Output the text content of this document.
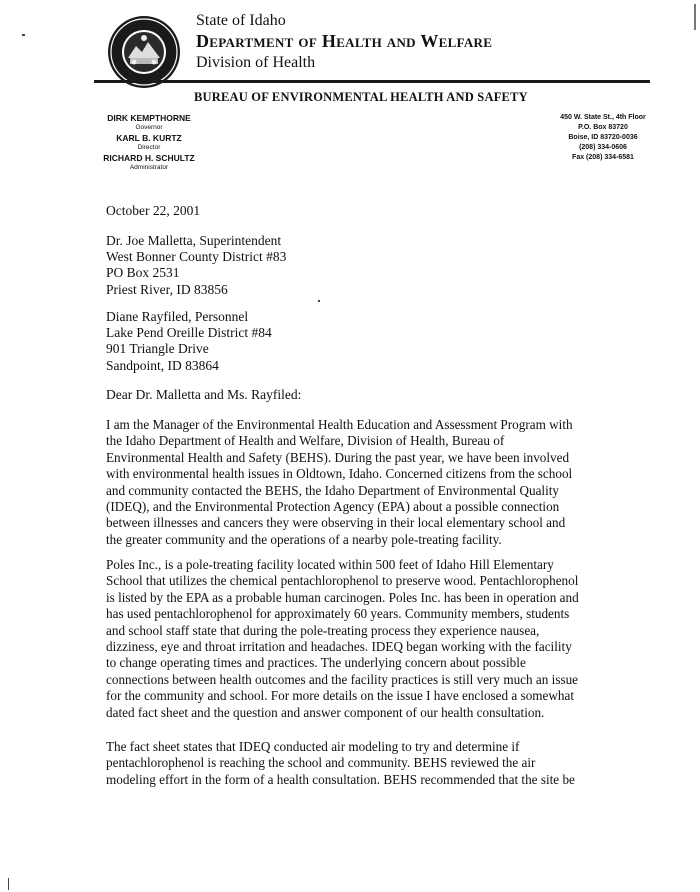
State of Idaho
Department of Health and Welfare
Division of Health
BUREAU OF ENVIRONMENTAL HEALTH AND SAFETY
DIRK KEMPTHORNE
Governor
KARL B. KURTZ
Director
RICHARD H. SCHULTZ
Administrator
450 W. State St., 4th Floor
P.O. Box 83720
Boise, ID 83720-0036
(208) 334-0606
Fax (208) 334-6581
October 22, 2001
Dr. Joe Malletta, Superintendent
West Bonner County District #83
PO Box 2531
Priest River, ID 83856
Diane Rayfiled, Personnel
Lake Pend Oreille District #84
901 Triangle Drive
Sandpoint, ID 83864
Dear Dr. Malletta and Ms. Rayfiled:
I am the Manager of the Environmental Health Education and Assessment Program with the Idaho Department of Health and Welfare, Division of Health, Bureau of Environmental Health and Safety (BEHS). During the past year, we have been involved with environmental health issues in Oldtown, Idaho. Concerned citizens from the school and community contacted the BEHS, the Idaho Department of Environmental Quality (IDEQ), and the Environmental Protection Agency (EPA) about a possible connection between illnesses and cancers they were observing in their local elementary school and the greater community and the operations of a nearby pole-treating facility.
Poles Inc., is a pole-treating facility located within 500 feet of Idaho Hill Elementary School that utilizes the chemical pentachlorophenol to preserve wood. Pentachlorophenol is listed by the EPA as a probable human carcinogen. Poles Inc. has been in operation and has used pentachlorophenol for approximately 60 years. Community members, students and school staff state that during the pole-treating process they experience nausea, dizziness, eye and throat irritation and headaches. IDEQ began working with the facility to change operating times and practices. The underlying concern about possible connections between health outcomes and the facility practices is still very much an issue for the community and school. For more details on the issue I have enclosed a somewhat dated fact sheet and the question and answer component of our health consultation.
The fact sheet states that IDEQ conducted air modeling to try and determine if pentachlorophenol is reaching the school and community. BEHS reviewed the air modeling effort in the form of a health consultation. BEHS recommended that the site be
